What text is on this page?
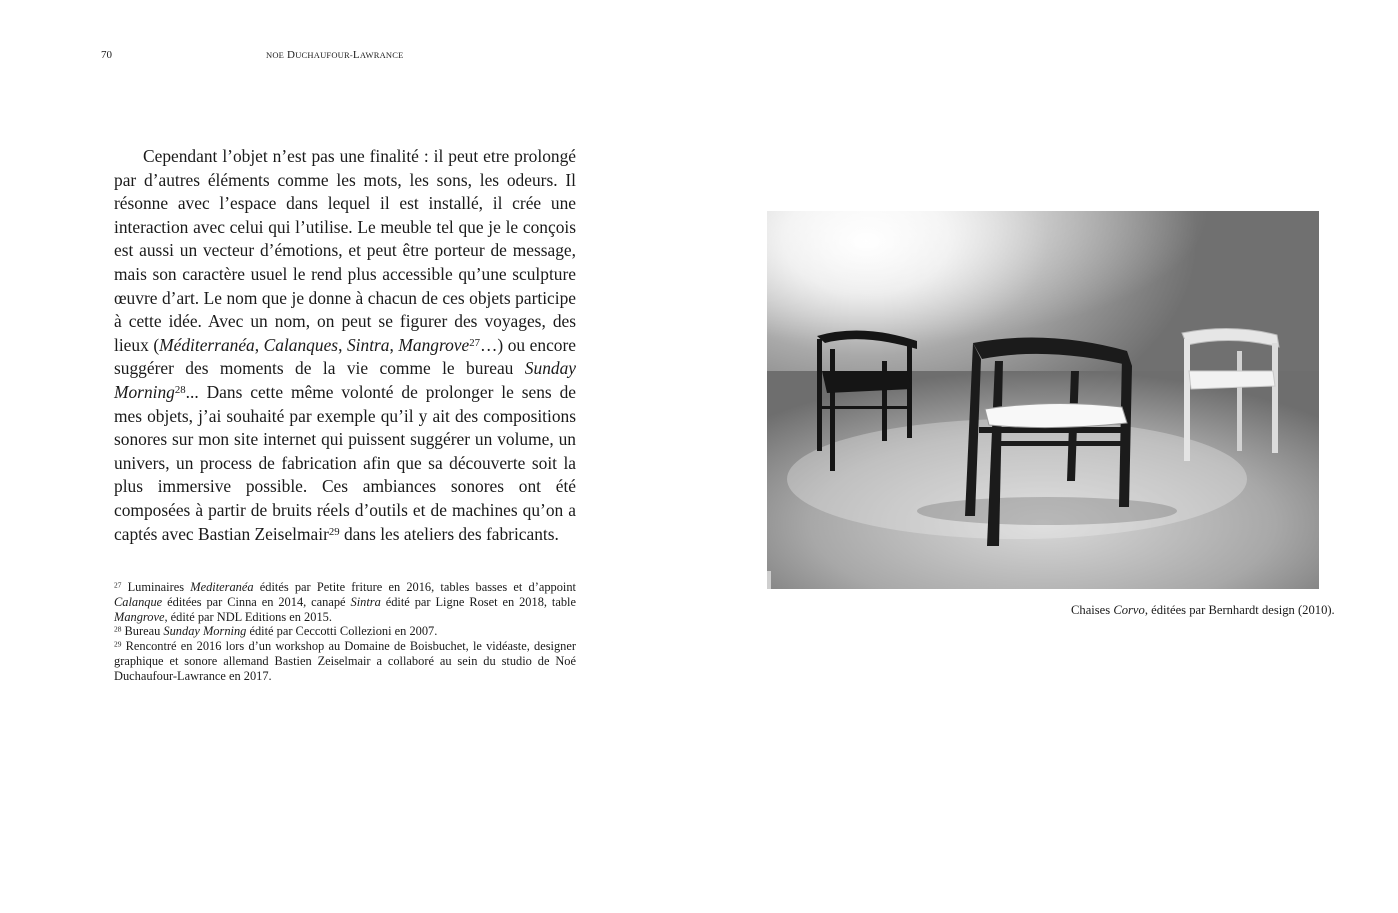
70	NOE DUCHAUFOUR-LAWRANCE

Cependant l’objet n’est pas une finalité : il peut etre prolongé par d’autres éléments comme les mots, les sons, les odeurs. Il résonne avec l’espace dans lequel il est installé, il crée une interaction avec celui qui l’utilise. Le meuble tel que je le conçois est aussi un vecteur d’émotions, et peut être porteur de message, mais son caractère usuel le rend plus accessible qu’une sculpture œuvre d’art. Le nom que je donne à chacun de ces objets participe à cette idée. Avec un nom, on peut se figurer des voyages, des lieux (Méditerranéa, Calanques, Sintra, Mangrove$^{27}$…) ou encore suggérer des moments de la vie comme le bureau Sunday Morning$^{28}$... Dans cette même volonté de prolonger le sens de mes objets, j’ai souhaité par exemple qu’il y ait des compositions sonores sur mon site internet qui puissent suggérer un volume, un univers, un process de fabrication afin que sa découverte soit la plus immersive possible. Ces ambiances sonores ont été composées à partir de bruits réels d’outils et de machines qu’on a captés avec Bastian Zeiselmair$^{29}$ dans les ateliers des fabricants.

$^{27}$ Luminaires Mediteranéa édités par Petite friture en 2016, tables basses et d’appoint Calanque éditées par Cinna en 2014, canapé Sintra édité par Ligne Roset en 2018, table Mangrove, édité par NDL Editions en 2015.

$^{28}$ Bureau Sunday Morning édité par Ceccotti Collezioni en 2007.

$^{29}$ Rencontré en 2016 lors d’un workshop au Domaine de Boisbuchet, le vidéaste, designer graphique et sonore allemand Bastien Zeiselmair a collaboré au sein du studio de Noé Duchaufour-Lawrance en 2017.

Chaises Corvo, éditées par Bernhardt design (2010).
